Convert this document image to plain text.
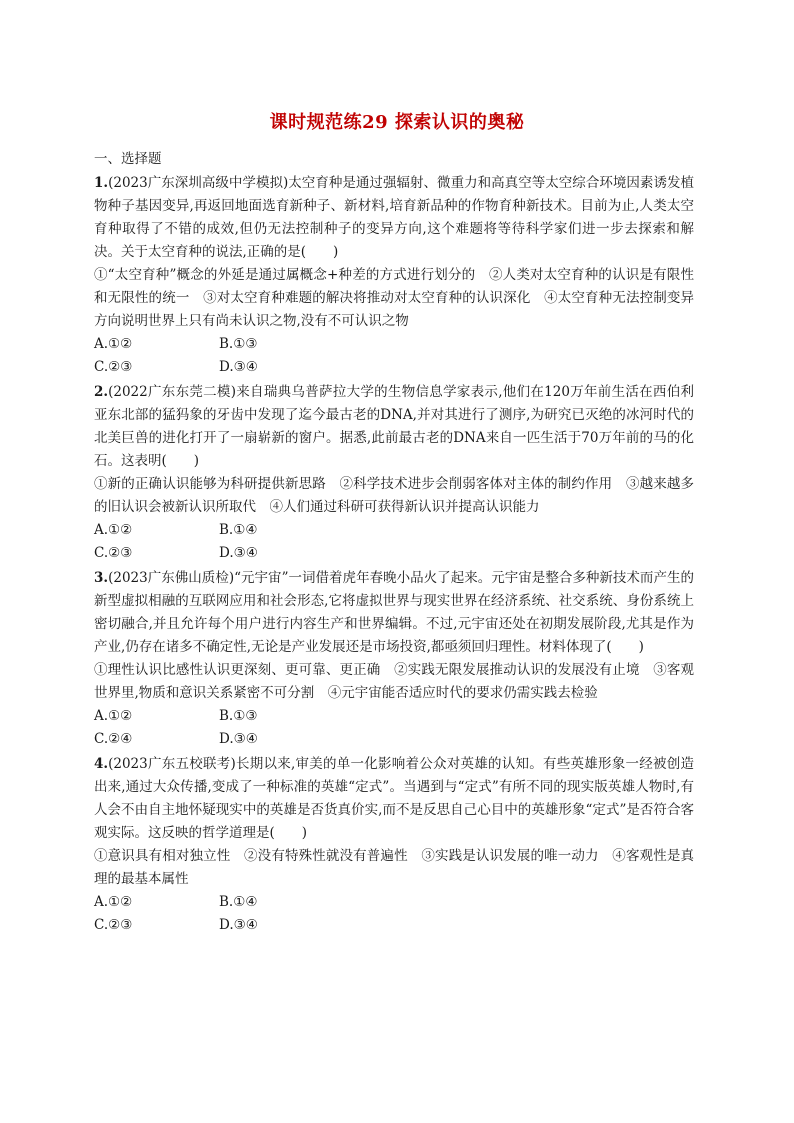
课时规范练29 探索认识的奥秘
一、选择题

1.(2023广东深圳高级中学模拟)太空育种是通过强辐射、微重力和高真空等太空综合环境因素诱发植物种子基因变异,再返回地面选育新种子、新材料,培育新品种的作物育种新技术。目前为止,人类太空育种取得了不错的成效,但仍无法控制种子的变异方向,这个难题将等待科学家们进一步去探索和解决。关于太空育种的说法,正确的是(　　)

①“太空育种”概念的外延是通过属概念+种差的方式进行划分的　②人类对太空育种的认识是有限性和无限性的统一　③对太空育种难题的解决将推动对太空育种的认识深化　④太空育种无法控制变异方向说明世界上只有尚未认识之物,没有不可认识之物

A.①②	B.①③
C.②③	D.③④

2.(2022广东东莞二模)来自瑞典乌普萨拉大学的生物信息学家表示,他们在120万年前生活在西伯利亚东北部的猛犸象的牙齿中发现了迄今最古老的DNA,并对其进行了测序,为研究已灭绝的冰河时代的北美巨兽的进化打开了一扇崭新的窗户。据悉,此前最古老的DNA来自一匹生活于70万年前的马的化石。这表明(　　)

①新的正确认识能够为科研提供新思路　②科学技术进步会削弱客体对主体的制约作用　③越来越多的旧认识会被新认识所取代　④人们通过科研可获得新认识并提高认识能力

A.①②	B.①④
C.②③	D.③④

3.(2023广东佛山质检)“元宇宙”一词借着虎年春晚小品火了起来。元宇宙是整合多种新技术而产生的新型虚拟相融的互联网应用和社会形态,它将虚拟世界与现实世界在经济系统、社交系统、身份系统上密切融合,并且允许每个用户进行内容生产和世界编辑。不过,元宇宙还处在初期发展阶段,尤其是作为产业,仍存在诸多不确定性,无论是产业发展还是市场投资,都亟须回归理性。材料体现了(　　)

①理性认识比感性认识更深刻、更可靠、更正确　②实践无限发展推动认识的发展没有止境　③客观世界里,物质和意识关系紧密不可分割　④元宇宙能否适应时代的要求仍需实践去检验

A.①②	B.①③
C.②④	D.③④

4.(2023广东五校联考)长期以来,审美的单一化影响着公众对英雄的认知。有些英雄形象一经被创造出来,通过大众传播,变成了一种标准的英雄“定式”。当遇到与“定式”有所不同的现实版英雄人物时,有人会不由自主地怀疑现实中的英雄是否货真价实,而不是反思自己心目中的英雄形象“定式”是否符合客观实际。这反映的哲学道理是(　　)

①意识具有相对独立性　②没有特殊性就没有普遍性　③实践是认识发展的唯一动力　④客观性是真理的最基本属性

A.①②	B.①④
C.②③	D.③④
